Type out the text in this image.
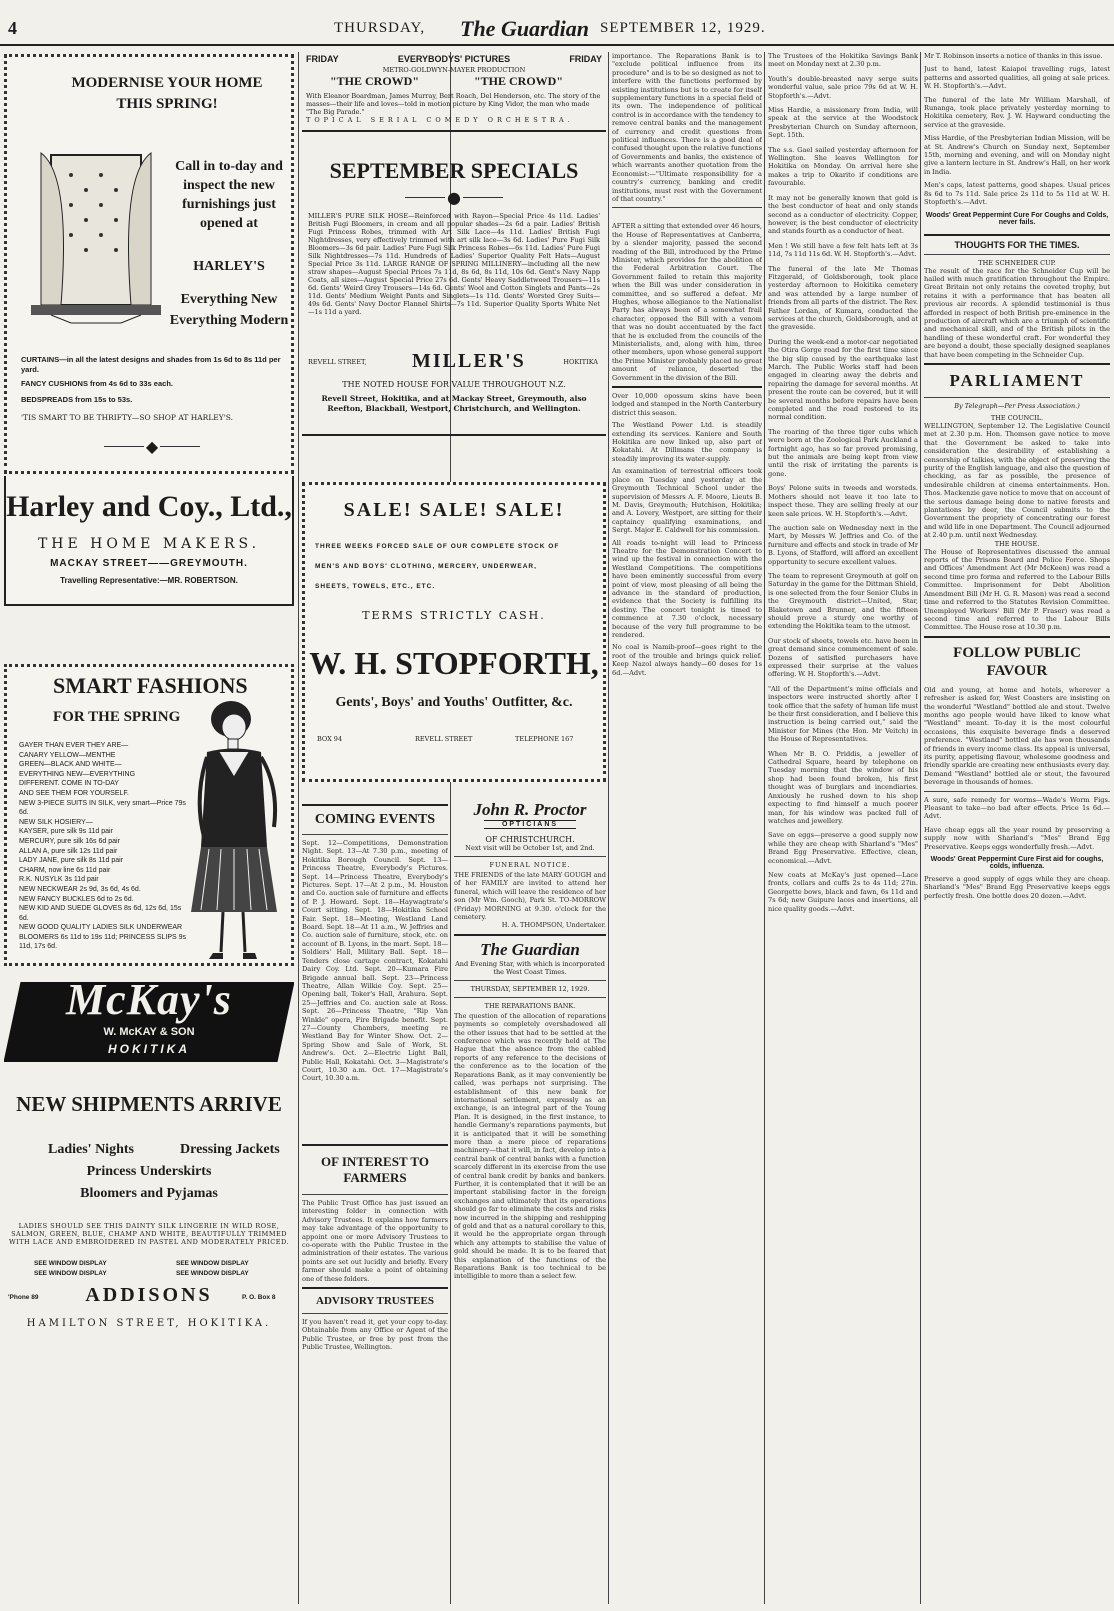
4	THURSDAY, The Guardian SEPTEMBER 12, 1929.
MODERNISE YOUR HOME THIS SPRING!
Call in to-day and inspect the new furnishings just opened at
HARLEY'S
Everything New Everything Modern
CURTAINS—in all the latest designs and shades from 1s 6d to 8s 11d per yard.
FANCY CUSHIONS from 4s 6d to 33s each.
BEDSPREADS from 15s to 53s.
'TIS SMART TO BE THRIFTY—SO SHOP AT HARLEY'S.
◆
Harley and Coy., Ltd.,
THE HOME MAKERS.
MACKAY STREET——GREYMOUTH.
Travelling Representative:—MR. ROBERTSON.
SMART FASHIONS
FOR THE SPRING
GAYER THAN EVER THEY ARE—
CANARY YELLOW—MENTHE
GREEN—BLACK AND WHITE—
EVERYTHING NEW—EVERYTHING
DIFFERENT. COME IN TO-DAY
AND SEE THEM FOR YOURSELF.
NEW 3-PIECE SUITS IN SILK, very smart—Price 79s 6d.
NEW SILK HOSIERY—
KAYSER, pure silk 9s 11d pair
MERCURY, pure silk 16s 6d pair
ALLAN A, pure silk 12s 11d pair
LADY JANE, pure silk 8s 11d pair
CHARM, now line 6s 11d pair
R.K. NUSYLK 3s 11d pair
NEW NECKWEAR 2s 9d, 3s 6d, 4s 6d.
NEW FANCY BUCKLES 6d to 2s 6d.
NEW KID AND SUEDE GLOVES 8s 6d, 12s 6d, 15s 6d.
NEW GOOD QUALITY LADIES SILK UNDERWEAR BLOOMERS 6s 11d to 19s 11d; PRINCESS SLIPS 9s 11d, 17s 6d.
McKay's
W. McKAY & SON
HOKITIKA
NEW SHIPMENTS ARRIVE
Ladies' Nights	Dressing Jackets
Princess Underskirts
Bloomers and Pyjamas
LADIES SHOULD SEE THIS DAINTY SILK LINGERIE IN WILD ROSE, SALMON, GREEN, BLUE, CHAMP AND WHITE, BEAUTIFULLY TRIMMED WITH LACE AND EMBROIDERED IN PASTEL AND MODERATELY PRICED.
SEE WINDOW DISPLAY
SEE WINDOW DISPLAY
SEE WINDOW DISPLAY
SEE WINDOW DISPLAY
'Phone 89	ADDISONS	P. O. Box 8
HAMILTON STREET, HOKITIKA.
FRIDAY	EVERYBODYS' PICTURES	FRIDAY
METRO-GOLDWYN-MAYER PRODUCTION
"THE CROWD"	"THE CROWD"
With Eleanor Boardman, James Murray, Bert Roach, Del Henderson, etc. The story of the masses—their life and loves—told in motion picture by King Vidor, the man who made "The Big Parade."
TOPICAL SERIAL COMEDY ORCHESTRA.
SEPTEMBER SPECIALS
●
MILLER'S PURE SILK HOSE—Reinforced with Rayon—Special Price 4s 11d. Ladies' British Fugi Bloomers, in cream and all popular shades—2s 6d a pair. Ladies' British Fugi Princess Robes, trimmed with Art Silk Lace—4s 11d. Ladies' British Fugi Nightdresses, very effectively trimmed with art silk lace—3s 6d. Ladies' Pure Fugi Silk Bloomers—3s 6d pair. Ladies' Pure Fugi Silk Princess Robes—6s 11d. Ladies' Pure Fugi Silk Nightdresses—7s 11d. Hundreds of Ladies' Superior Quality Felt Hats—August Special Price 3s 11d. LARGE RANGE OF SPRING MILLINERY—including all the new straw shapes—August Special Prices 7s 11d, 8s 6d, 8s 11d, 10s 6d. Gent's Navy Napp Coats, all sizes—August Special Price 27s 6d. Gents' Heavy Saddletweed Trousers—11s 6d. Gents' Weird Grey Trousers—14s 6d. Gents' Wool and Cotton Singlets and Pants—2s 11d. Gents' Medium Weight Pants and Singlets—1s 11d. Gents' Worsted Grey Suits—49s 6d. Gents' Navy Doctor Flannel Shirts—7s 11d. Superior Quality Sports White Net—1s 11d a yard.
REVELL STREET, MILLER'S	HOKITIKA
THE NOTED HOUSE FOR VALUE THROUGHOUT N.Z.
Revell Street, Hokitika, and at Mackay Street, Greymouth, also Reefton, Blackball, Westport, Christchurch, and Wellington.
SALE! SALE! SALE!
THREE WEEKS FORCED SALE OF OUR COMPLETE STOCK OF
MEN'S AND BOYS' CLOTHING, MERCERY, UNDERWEAR,
SHEETS, TOWELS, ETC., ETC.
TERMS STRICTLY CASH.
W. H. STOPFORTH,
Gents', Boys' and Youths' Outfitter, &c.
BOX 94	REVELL STREET	TELEPHONE 167
COMING EVENTS
Sept. 12—Competitions, Demonstration Night. Sept. 13—At 7.30 p.m., meeting of Hokitika Borough Council. Sept. 13—Princess Theatre, Everybody's Pictures. Sept. 14—Princess Theatre, Everybody's Pictures. Sept. 17—At 2 p.m., M. Houston and Co. auction sale of furniture and effects of P. J. Howard. Sept. 18—Haywagtrate's Court sitting. Sept. 18—Hokitika School Fair. Sept. 18—Meeting, Westland Land Board. Sept. 18—At 11 a.m., W. Jeffries and Co. auction sale of furniture, stock, etc. on account of B. Lyons, in the mart. Sept. 18—Soldiers' Hall, Military Ball. Sept. 18—Tenders close cartage contract, Kokatahi Dairy Coy. Ltd. Sept. 20—Kumara Fire Brigade annual ball. Sept. 23—Princess Theatre, Allan Wilkie Coy. Sept. 25—Opening ball, Toker's Hall, Arahura. Sept. 25—Jeffries and Co. auction sale at Ross. Sept. 26—Princess Theatre, "Rip Van Winkle" opera, Fire Brigade benefit. Sept. 27—County Chambers, meeting re Westland Bay for Winter Show. Oct. 2—Spring Show and Sale of Work, St. Andrew's. Oct. 2—Electric Light Ball, Public Hall, Kokatahi. Oct. 3—Magistrate's Court, 10.30 a.m. Oct. 17—Magistrate's Court, 10.30 a.m.
OF INTEREST TO FARMERS
The Public Trust Office has just issued an interesting folder in connection with Advisory Trustees. It explains how farmers may take advantage of the opportunity to appoint one or more Advisory Trustees to co-operate with the Public Trustee in the administration of their estates. The various points are set out lucidly and briefly. Every farmer should make a point of obtaining one of these folders.
ADVISORY TRUSTEES
If you haven't read it, get your copy to-day. Obtainable from any Office or Agent of the Public Trustee, or free by post from the Public Trustee, Wellington.
John R. Proctor
OPTICIANS
OF CHRISTCHURCH.
Next visit will be October 1st, and 2nd.
FUNERAL NOTICE.
THE FRIENDS of the late MARY GOUGH and of her FAMILY are invited to attend her funeral, which will leave the residence of her son (Mr Wm. Gooch), Park St. TO-MORROW (Friday) MORNING at 9.30. o'clock for the cemetery.
H. A. THOMPSON, Undertaker.
The Guardian
And Evening Star, with which is incorporated the West Coast Times.
THURSDAY, SEPTEMBER 12, 1929.
THE REPARATIONS BANK.
The question of the allocation of reparations payments so completely overshadowed all the other issues that had to be settled at the conference which was recently held at The Hague that the absence from the cabled reports of any reference to the decisions of the conference as to the location of the Reparations Bank, as it may conveniently be called, was perhaps not surprising. The establishment of this new bank for international settlement, expressly as an exchange, is an integral part of the Young Plan. It is designed, in the first instance, to handle Germany's reparations payments, but it is anticipated that it will be something more than a mere piece of reparations machinery—that it will, in fact, develop into a central bank of central banks with a function scarcely different in its exercise from the use of central bank credit by banks and bankers. Further, it is contemplated that it will be an important stabilising factor in the foreign exchanges and ultimately that its operations should go far to eliminate the costs and risks now incurred in the shipping and reshipping of gold and that as a natural corollary to this, it would be the appropriate organ through which any attempts to stabilise the value of gold should be made. It is to be feared that this explanation of the functions of the Reparations Bank is too technical to be intelligible to more than a select few.
importance. The Reparations Bank is to "exclude political influence from its procedure" and is to be so designed as not to interfere with the functions performed by existing institutions but is to create for itself supplementary functions in a special field of its own. The independence of political control is in accordance with the tendency to remove central banks and the management of currency and credit questions from political influences. There is a good deal of confused thought upon the relative functions of Governments and banks, the existence of which warrants another quotation from the Economist:—"Ultimate responsibility for a country's currency, banking and credit institutions, must rest with the Government of that country."
AFTER a sitting that extended over 46 hours, the House of Representatives at Canberra, by a slender majority, passed the second reading of the Bill, introduced by the Prime Minister, which provides for the abolition of the Federal Arbitration Court. The Government failed to retain this majority when the Bill was under consideration in committee, and so suffered a defeat. Mr Hughes, whose allegiance to the Nationalist Party has always been of a somewhat frail character, opposed the Bill with a venom that was no doubt accentuated by the fact that he is excluded from the councils of the Ministerialists, and, along with him, three other members, upon whose general support the Prime Minister probably placed no great amount of reliance, deserted the Government in the division of the Bill.
Over 10,000 opossum skins have been lodged and stamped in the North Canterbury district this season.
The Westland Power Ltd. is steadily extending its services. Kaniere and South Hokitika are now linked up, also part of Kokatahi. At Dillmans the company is steadily improving its water-supply.
An examination of terrestrial officers took place on Tuesday and yesterday at the Greymouth Technical School under the supervision of Messrs A. F. Moore, Lieuts B. M. Davis, Greymouth; Hutchison, Hokitika; and A. Lovery, Westport, are sitting for their captaincy qualifying examinations, and Sergt. Major E. Caldwell for his commission.
All roads to-night will lead to Princess Theatre for the Demonstration Concert to wind up the festival in connection with the Westland Competitions. The competitions have been eminently successful from every point of view, most pleasing of all being the advance in the standard of production, evidence that the Society is fulfilling its destiny. The concert tonight is timed to commence at 7.30 o'clock, necessary because of the very full programme to be rendered.
No coal is Namib-proof—goes right to the root of the trouble and brings quick relief. Keep Nazol always handy—60 doses for 1s 6d.—Advt.
The Trustees of the Hokitika Savings Bank meet on Monday next at 2.30 p.m.
Youth's double-breasted navy serge suits wonderful value, sale price 79s 6d at W. H. Stopforth's.—Advt.
Miss Hardie, a missionary from India, will speak at the service at the Woodstock Presbyterian Church on Sunday afternoon, Sept. 15th.
The s.s. Gael sailed yesterday afternoon for Wellington. She leaves Wellington for Hokitika on Monday. On arrival here she makes a trip to Okarito if conditions are favourable.
It may not be generally known that gold is the best conductor of heat and only stands second as a conductor of electricity. Copper, however, is the best conductor of electricity and stands fourth as a conductor of heat.
Men ! We still have a few felt hats left at 3s 11d, 7s 11d 11s 6d. W. H. Stopforth's.—Advt.
The funeral of the late Mr Thomas Fitzgerald, of Goldsborough, took place yesterday afternoon to Hokitika cemetery and was attended by a large number of friends from all parts of the district. The Rev. Father Lordan, of Kumara, conducted the services at the church, Goldsborough, and at the graveside.
During the week-end a motor-car negotiated the Otira Gorge road for the first time since the big slip caused by the earthquake last March. The Public Works staff had been engaged in clearing away the debris and repairing the damage for several months. At present the route can be covered, but it will be several months before repairs have been completed and the road restored to its normal condition.
The roaring of the three tiger cubs which were born at the Zoological Park Auckland a fortnight ago, has so far proved promising, but the animals are being kept from view until the risk of irritating the parents is gone.
Boys' Pelone suits in tweeds and worsteds. Mothers should not leave it too late to inspect these. They are selling freely at our keen sale prices. W. H. Stopforth's.—Advt.
The auction sale on Wednesday next in the Mart, by Messrs W. Jeffries and Co. of the furniture and effects and stock in trade of Mr B. Lyons, of Stafford, will afford an excellent opportunity to secure excellent values.
The team to represent Greymouth at golf on Saturday in the game for the Dittman Shield, is one selected from the four Senior Clubs in the Greymouth district—United, Star, Blaketown and Brunner, and the fifteen should prove a sturdy one worthy of extending the Hokitika team to the utmost.
Our stock of sheets, towels etc. have been in great demand since commencement of sale. Dozens of satisfied purchasers have expressed their surprise at the values offering. W. H. Stopforth's.—Advt.
"All of the Department's mine officials and inspectors were instructed shortly after I took office that the safety of human life must be their first consideration, and I believe this instruction is being carried out," said the Minister for Mines (the Hon. Mr Veitch) in the House of Representatives.
When Mr B. O. Priddis, a jeweller of Cathedral Square, heard by telephone on Tuesday morning that the window of his shop had been found broken, his first thought was of burglars and incendiaries. Anxiously he rushed down to his shop expecting to find himself a much poorer man, for his window was packed full of watches and jewellery.
Save on eggs—preserve a good supply now while they are cheap with Sharland's "Mes" Brand Egg Preservative. Effective, clean, economical.—Advt.
New coats at McKay's just opened—Lace fronts, collars and cuffs 2s to 4s 11d; 27in. Georgette bows, black and fawn, 6s 11d and 7s 6d; new Guipure laces and insertions, all nice quality goods.—Advt.
Mr T. Robinson inserts a notice of thanks in this issue.
Just to hand, latest Kaiapoi travelling rugs, latest patterns and assorted qualities, all going at sale prices. W. H. Stopforth's.—Advt.
The funeral of the late Mr William Marshall, of Runanga, took place privately yesterday morning to Hokitika cemetery, Rev. J. W. Hayward conducting the service at the graveside.
Miss Hardie, of the Presbyterian Indian Mission, will be at St. Andrew's Church on Sunday next, September 15th, morning and evening, and will on Monday night give a lantern lecture in St. Andrew's Hall, on her work in India.
Men's caps, latest patterns, good shapes. Usual prices 8s 6d to 7s 11d. Sale price 2s 11d to 5s 11d at W. H. Stopforth's.—Advt.
Woods' Great Peppermint Cure For Coughs and Colds, never fails.
THOUGHTS FOR THE TIMES.
THE SCHNEIDER CUP.
The result of the race for the Schneider Cup will be hailed with much gratification throughout the Empire. Great Britain not only retains the coveted trophy, but retains it with a performance that has beaten all previous air records. A splendid testimonial is thus afforded in respect of both British pre-eminence in the production of aircraft which are a triumph of scientific and mechanical skill, and of the British pilots in the handling of these wonderful craft. For wonderful they are beyond a doubt, these specially designed seaplanes that have been competing in the Schneider Cup.
PARLIAMENT
By Telegraph—Per Press Association.)
THE COUNCIL.
WELLINGTON, September 12. The Legislative Council met at 2.30 p.m. Hon. Thomson gave notice to move that the Government be asked to take into consideration the desirability of establishing a censorship of talkies, with the object of preserving the purity of the English language, and also the question of checking, as far as possible, the presence of undesirable children at cinema entertainments. Hon. Thos. Mackenzie gave notice to move that on account of the serious damage being done to native forests and plantations by deer, the Council submits to the Government the propriety of concentrating our forest and wild life in one Department. The Council adjourned at 2.40 p.m. until next Wednesday.
THE HOUSE.
The House of Representatives discussed the annual reports of the Prisons Board and Police Force. Shops and Offices' Amendment Act (Mr McKeen) was read a second time pro forma and referred to the Labour Bills Committee. Imprisonment for Debt Abolition Amendment Bill (Mr H. G. R. Mason) was read a second time and referred to the Statutes Revision Committee. Unemployed Workers' Bill (Mr P. Fraser) was read a second time and referred to the Labour Bills Committee. The House rose at 10.30 p.m.
FOLLOW PUBLIC FAVOUR
Old and young, at home and hotels, wherever a refresher is asked for, West Coasters are insisting on the wonderful "Westland" bottled ale and stout. Twelve months ago people would have liked to know what "Westland" meant. To-day it is the most colourful occasions, this exquisite beverage finds a deserved preference. "Westland" bottled ale has won thousands of friends in every income class. Its appeal is universal, its purity, appetising flavour, wholesome goodness and friendly sparkle are creating new enthusiasts every day. Demand "Westland" bottled ale or stout, the favoured beverage in thousands of homes.
A sure, safe remedy for worms—Wade's Worm Figs. Pleasant to take—no bad after effects. Price 1s 6d.—Advt.
Have cheap eggs all the year round by preserving a supply now with Sharland's "Mes" Brand Egg Preservative. Keeps eggs wonderfully fresh.—Advt.
Woods' Great Peppermint Cure First aid for coughs, colds, influenza.
Preserve a good supply of eggs while they are cheap. Sharland's "Mes" Brand Egg Preservative keeps eggs perfectly fresh. One bottle does 20 dozen.—Advt.
